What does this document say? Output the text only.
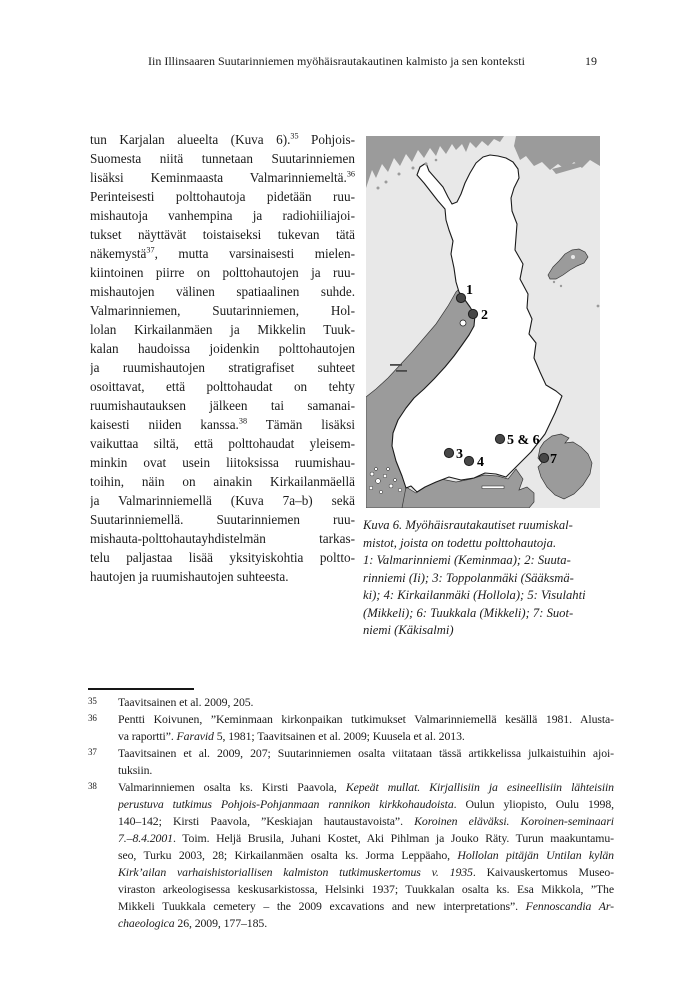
Iin Illinsaaren Suutarinniemen myöhäisrautakautinen kalmisto ja sen konteksti	19
tun Karjalan alueelta (Kuva 6).$^{35}$ Pohjois-
Suomesta niitä tunnetaan Suutarinniemen
lisäksi Keminmaasta Valmarinniemeltä.$^{36}$
Perinteisesti polttohautoja pidetään ruu-
mishautoja vanhempina ja radiohiiliajoi-
tukset näyttävät toistaiseksi tukevan tätä
näkemystä$^{37}$, mutta varsinaisesti mielen-
kiintoinen piirre on polttohautojen ja ruu-
mishautojen välinen spatiaalinen suhde.
Valmarinniemen, Suutarinniemen, Hol-
lolan Kirkailanmäen ja Mikkelin Tuuk-
kalan haudoissa joidenkin polttohautojen
ja ruumishautojen stratigrafiset suhteet
osoittavat, että polttohaudat on tehty
ruumishautauksen jälkeen tai samanai-
kaisesti niiden kanssa.$^{38}$ Tämän lisäksi
vaikuttaa siltä, että polttohaudat yleisem-
minkin ovat usein liitoksissa ruumishau-
toihin, näin on ainakin Kirkailanmäellä
ja Valmarinniemellä (Kuva 7a–b) sekä
Suutarinniemellä. Suutarinniemen ruu-
mishauta-polttohautayhdistelmän tarkas-
telu paljastaa lisää yksityiskohtia poltto-
hautojen ja ruumishautojen suhteesta.
1
2
3
4
5 & 6
7
Kuva 6. Myöhäisrautakautiset ruumiskal-
mistot, joista on todettu polttohautoja.
1: Valmarinniemi (Keminmaa); 2: Suuta-
rinniemi (Ii); 3: Toppolanmäki (Sääksmä-
ki); 4: Kirkailanmäki (Hollola); 5: Visulahti
(Mikkeli); 6: Tuukkala (Mikkeli); 7: Suot-
niemi (Käkisalmi)
35	Taavitsainen et al. 2009, 205.
36	Pentti Koivunen, ”Keminmaan kirkonpaikan tutkimukset Valmarinniemellä kesällä 1981. Alusta-
va raportti”. Faravid 5, 1981; Taavitsainen et al. 2009; Kuusela et al. 2013.
37	Taavitsainen et al. 2009, 207; Suutarinniemen osalta viitataan tässä artikkelissa julkaistuihin ajoi-
tuksiin.
38	Valmarinniemen osalta ks. Kirsti Paavola, Kepeät mullat. Kirjallisiin ja esineellisiin lähteisiin
perustuva tutkimus Pohjois-Pohjanmaan rannikon kirkkohaudoista. Oulun yliopisto, Oulu 1998,
140–142; Kirsti Paavola, ”Keskiajan hautaustavoista”. Koroinen eläväksi. Koroinen-seminaari
7.–8.4.2001. Toim. Heljä Brusila, Juhani Kostet, Aki Pihlman ja Jouko Räty. Turun maakuntamu-
seo, Turku 2003, 28; Kirkailanmäen osalta ks. Jorma Leppäaho, Hollolan pitäjän Untilan kylän
Kirk’ailan varhaishistoriallisen kalmiston tutkimuskertomus v. 1935. Kaivauskertomus Museo-
viraston arkeologisessa keskusarkistossa, Helsinki 1937; Tuukkalan osalta ks. Esa Mikkola, ”The
Mikkeli Tuukkala cemetery – the 2009 excavations and new interpretations”. Fennoscandia Ar-
chaeologica 26, 2009, 177–185.
